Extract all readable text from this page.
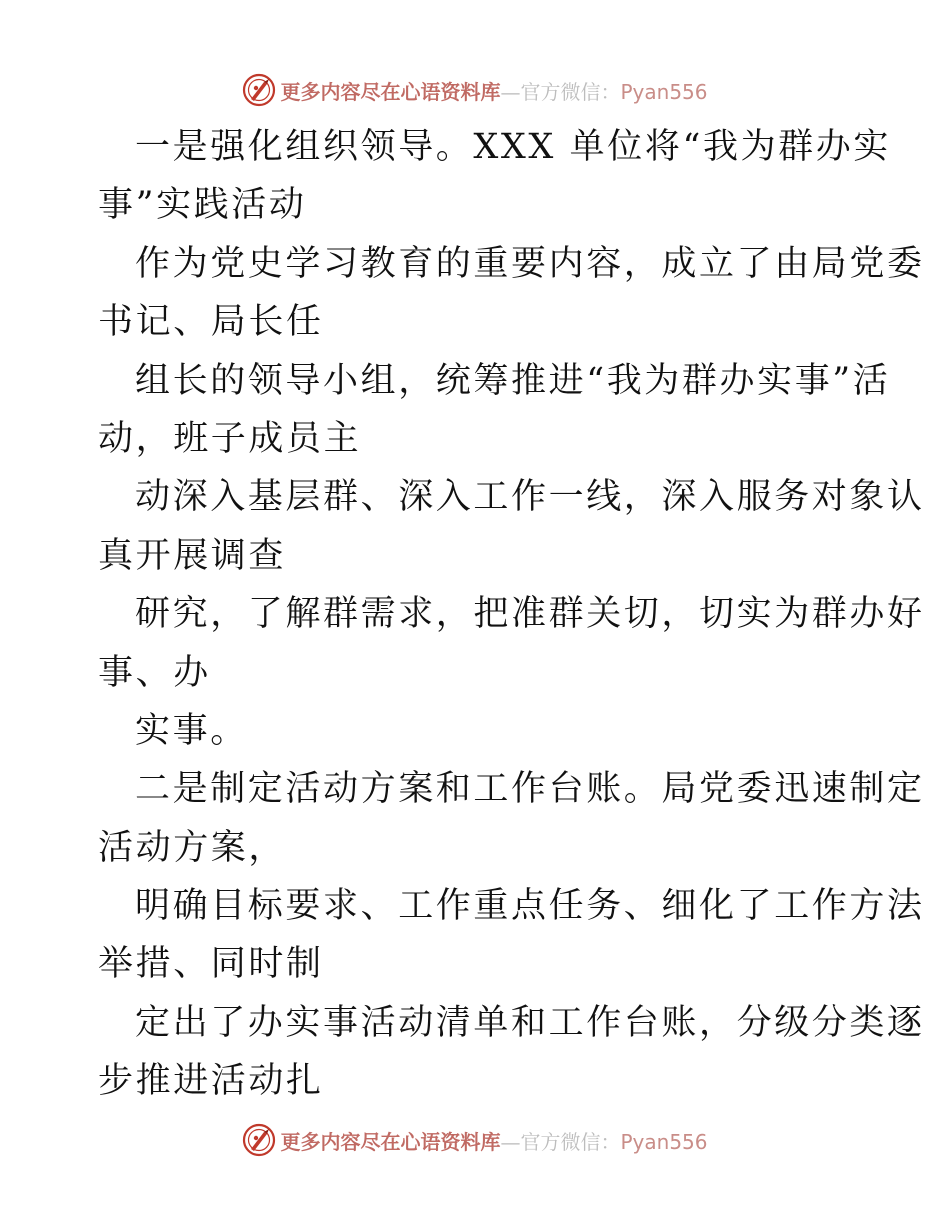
更多内容尽在心语资料库—官方微信：Pyan556
一是强化组织领导。XXX 单位将“我为群办实
事”实践活动
作为党史学习教育的重要内容，成立了由局党委
书记、局长任
组长的领导小组，统筹推进“我为群办实事”活
动，班子成员主
动深入基层群、深入工作一线，深入服务对象认
真开展调查
研究，了解群需求，把准群关切，切实为群办好
事、办
实事。
二是制定活动方案和工作台账。局党委迅速制定
活动方案，
明确目标要求、工作重点任务、细化了工作方法
举措、同时制
定出了办实事活动清单和工作台账，分级分类逐
步推进活动扎
更多内容尽在心语资料库—官方微信：Pyan556
